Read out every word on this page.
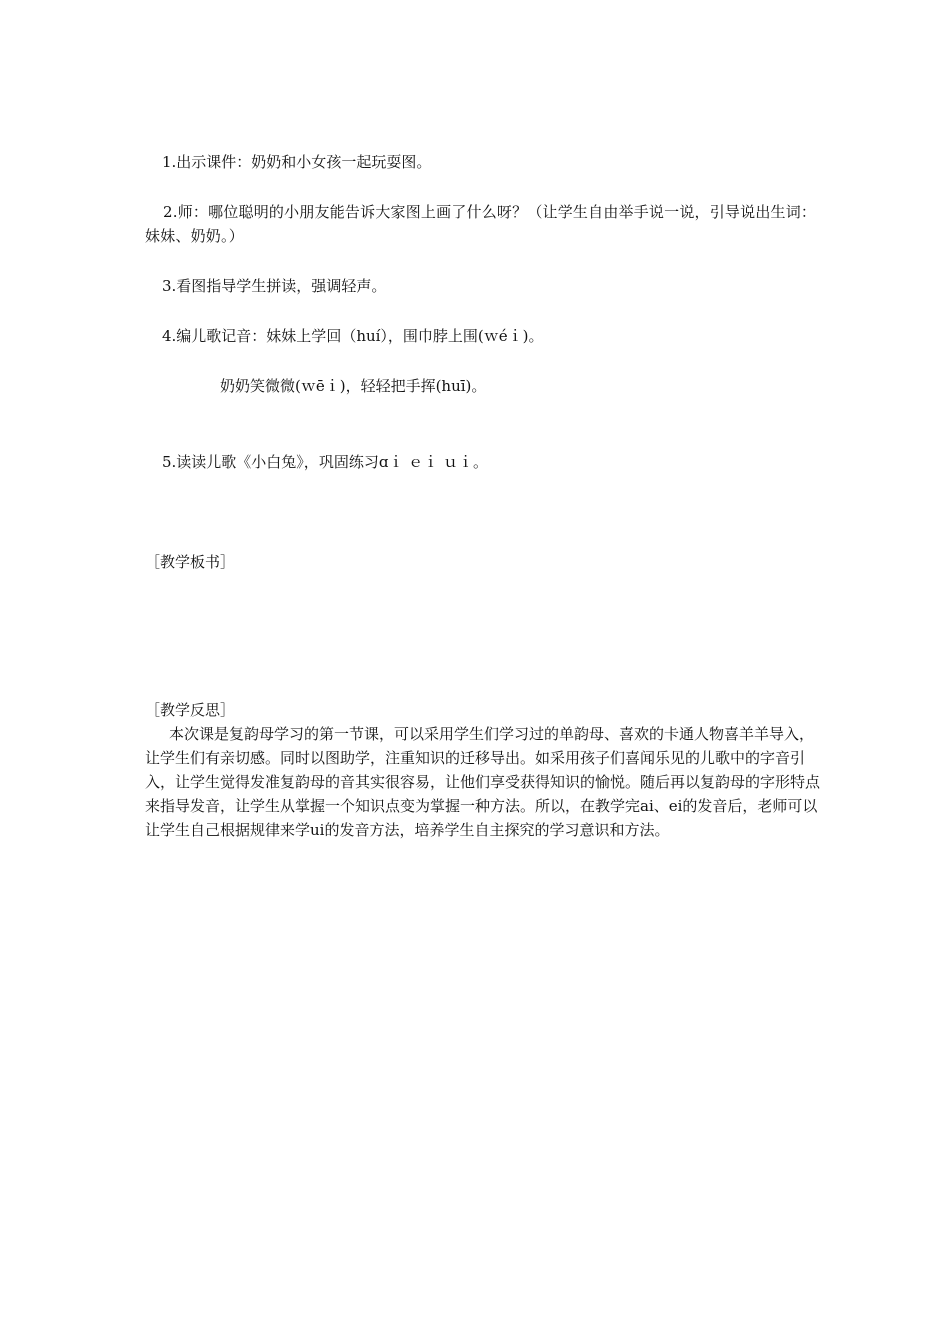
1.出示课件：奶奶和小女孩一起玩耍图。
2.师：哪位聪明的小朋友能告诉大家图上画了什么呀？（让学生自由举手说一说，引导说出生词：妹妹、奶奶。）
3.看图指导学生拼读，强调轻声。
4.编儿歌记音：妹妹上学回（huí），围巾脖上围(ｗéｉ)。
奶奶笑微微(ｗēｉ)，轻轻把手挥(huī)。
5.读读儿歌《小白兔》，巩固练习ɑｉ ｅｉ ｕｉ。
［教学板书］
［教学反思］
本次课是复韵母学习的第一节课，可以采用学生们学习过的单韵母、喜欢的卡通人物喜羊羊导入，让学生们有亲切感。同时以图助学，注重知识的迁移导出。如采用孩子们喜闻乐见的儿歌中的字音引入，让学生觉得发准复韵母的音其实很容易，让他们享受获得知识的愉悦。随后再以复韵母的字形特点来指导发音，让学生从掌握一个知识点变为掌握一种方法。所以，在教学完ai、ei的发音后，老师可以让学生自己根据规律来学ui的发音方法，培养学生自主探究的学习意识和方法。
